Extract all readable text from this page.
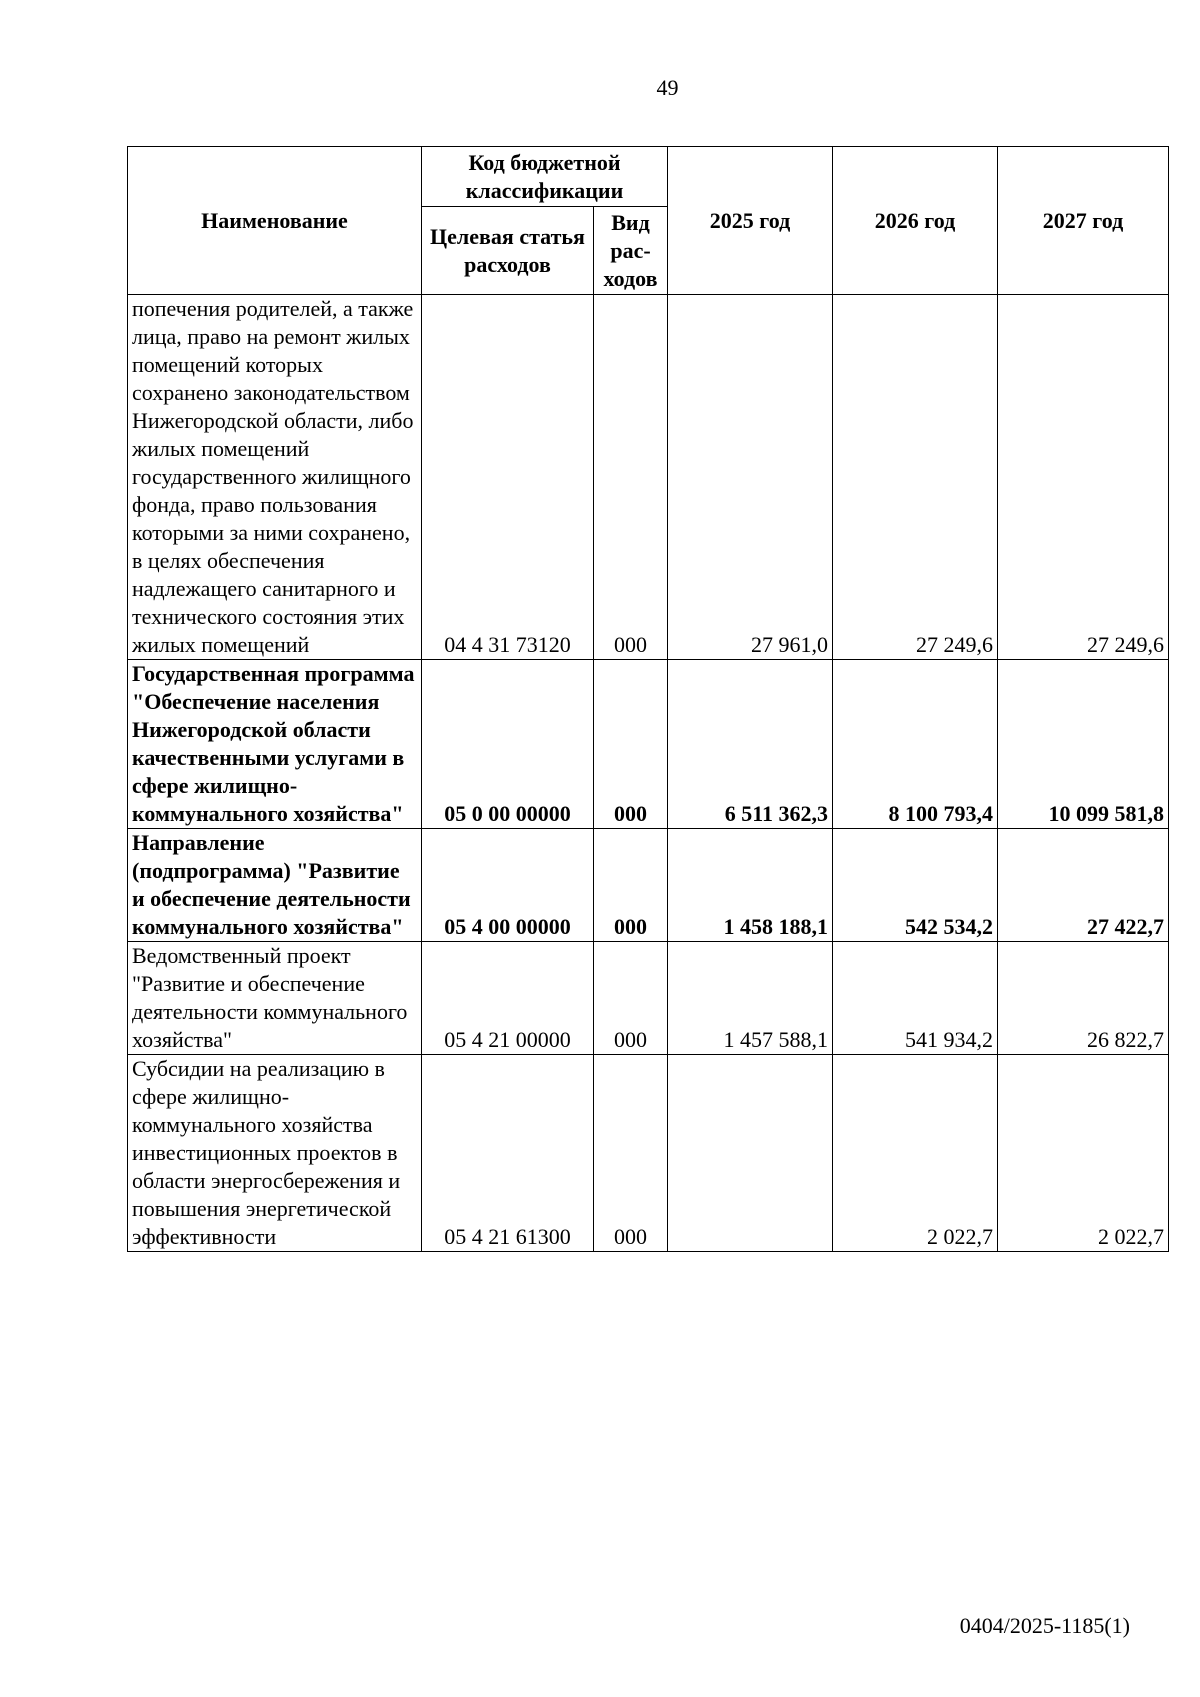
49
Наименование	Код бюджетной классификации		2025 год	2026 год	2027 год
	Целевая статья расходов	Вид рас-ходов			
попечения родителей, а также лица, право на ремонт жилых помещений которых сохранено законодательством Нижегородской области, либо жилых помещений государственного жилищного фонда, право пользования которыми за ними сохранено, в целях обеспечения надлежащего санитарного и технического состояния этих жилых помещений	04 4 31 73120	000	27 961,0	27 249,6	27 249,6
Государственная программа "Обеспечение населения Нижегородской области качественными услугами в сфере жилищно-коммунального хозяйства"	05 0 00 00000	000	6 511 362,3	8 100 793,4	10 099 581,8
Направление (подпрограмма) "Развитие и обеспечение деятельности коммунального хозяйства"	05 4 00 00000	000	1 458 188,1	542 534,2	27 422,7
Ведомственный проект "Развитие и обеспечение деятельности коммунального хозяйства"	05 4 21 00000	000	1 457 588,1	541 934,2	26 822,7
Субсидии на реализацию в сфере жилищно-коммунального хозяйства инвестиционных проектов в области энергосбережения и повышения энергетической эффективности	05 4 21 61300	000		2 022,7	2 022,7
0404/2025-1185(1)
